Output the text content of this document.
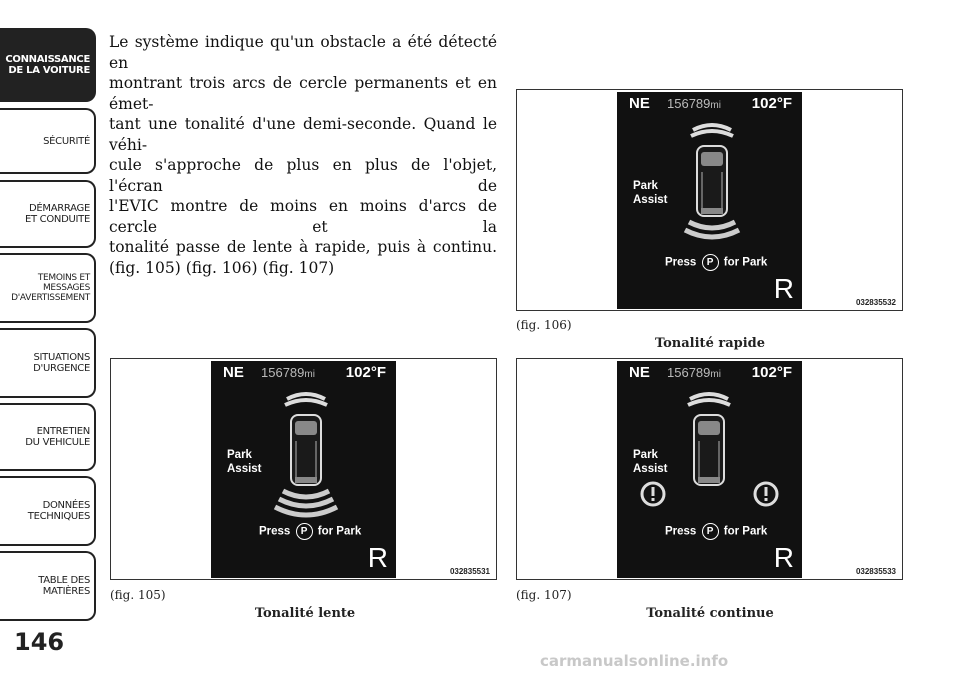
CONNAISSANCE
DE LA VOITURE
SÉCURITÉ
DÉMARRAGE
ET CONDUITE
TEMOINS ET
MESSAGES
D'AVERTISSEMENT
SITUATIONS
D'URGENCE
ENTRETIEN
DU VEHICULE
DONNÉES
TECHNIQUES
TABLE DES
MATIÈRES
146
Le système indique qu'un obstacle a été détecté en
montrant trois arcs de cercle permanents et en émet-
tant une tonalité d'une demi-seconde. Quand le véhi-
cule s'approche de plus en plus de l'objet, l'écran de
l'EVIC montre de moins en moins d'arcs de cercle et la
tonalité passe de lente à rapide, puis à continu.
(fig. 105) (fig. 106) (fig. 107)
NE 156789mi 102°F
Park
Assist
Press P for Park
R	032835531
(fig. 105)
Tonalité lente
NE 156789mi 102°F
Park
Assist
Press P for Park
R	032835532
(fig. 106)
Tonalité rapide
NE 156789mi 102°F
Park
Assist
Press P for Park
R	032835533
(fig. 107)
Tonalité continue
carmanualsonline.info
